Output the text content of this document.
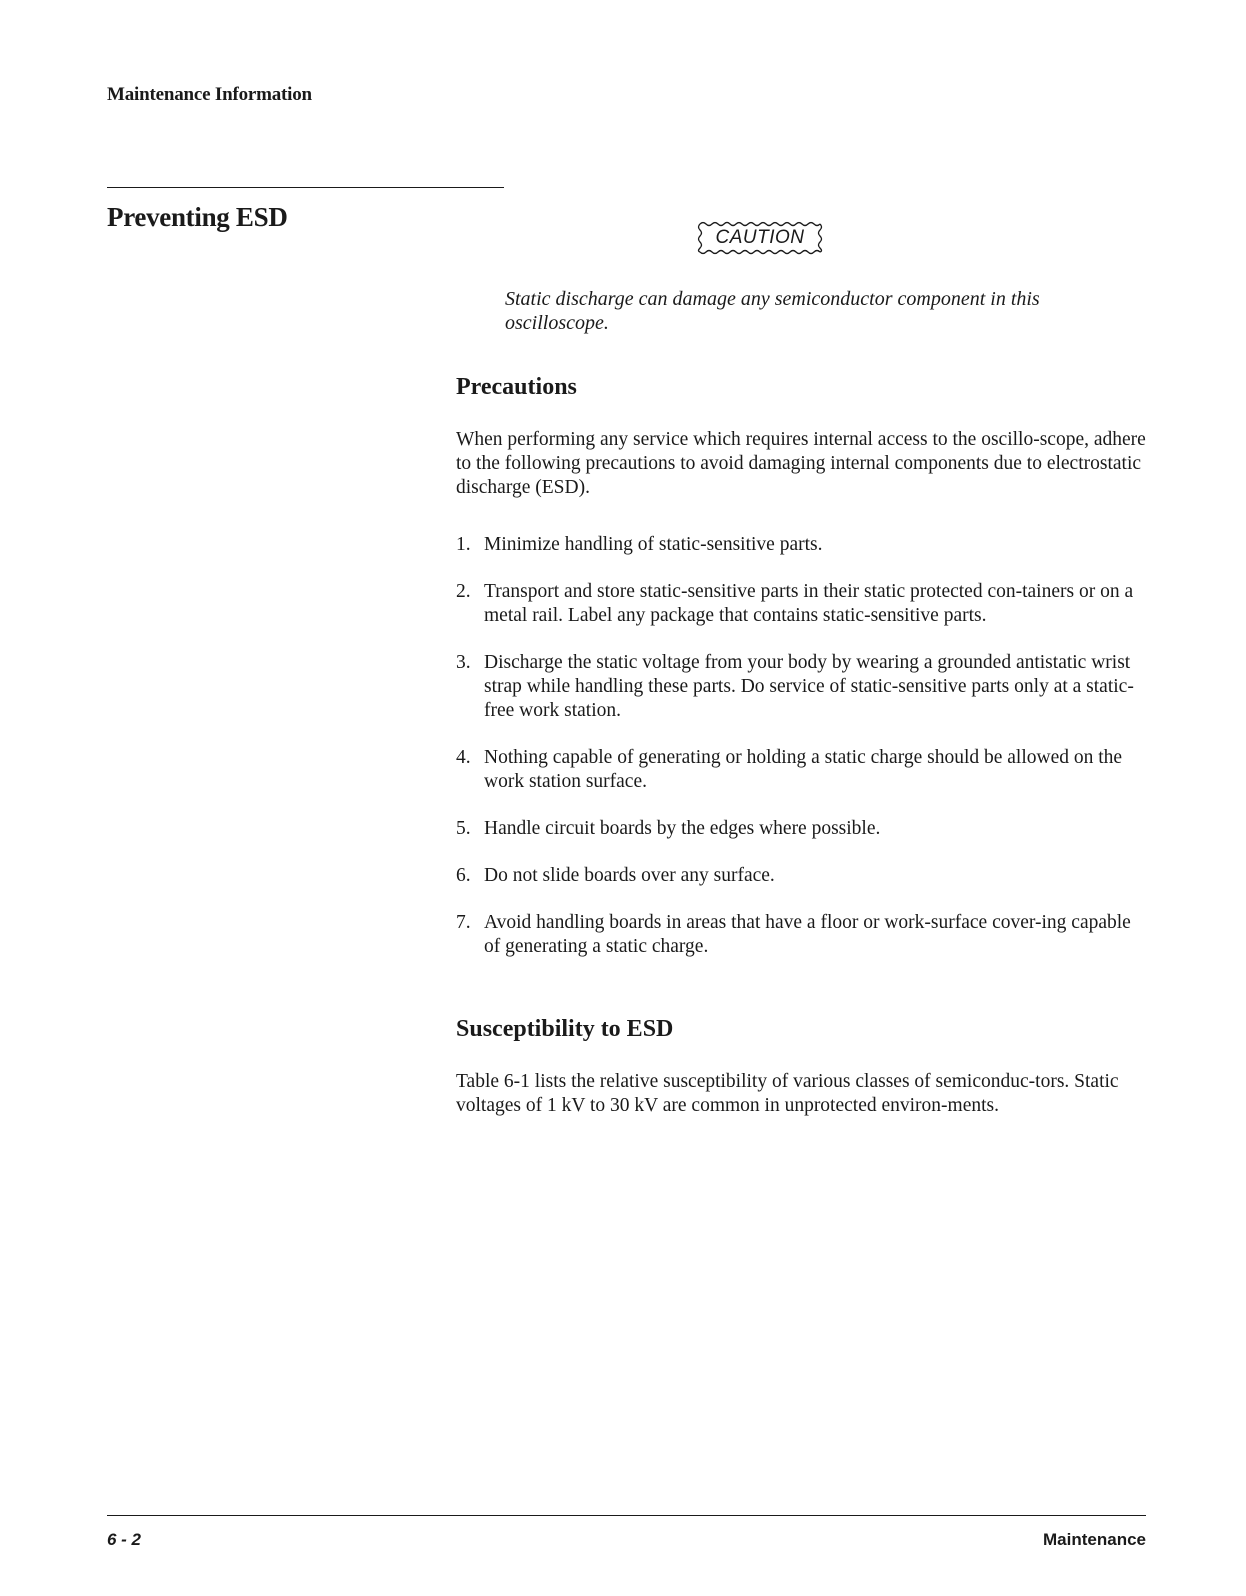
Maintenance Information
Preventing ESD
CAUTION
Static discharge can damage any semiconductor component in this oscilloscope.
Precautions
When performing any service which requires internal access to the oscillo-scope, adhere to the following precautions to avoid damaging internal components due to electrostatic discharge (ESD).
1. Minimize handling of static-sensitive parts.
2. Transport and store static-sensitive parts in their static protected con-tainers or on a metal rail. Label any package that contains static-sensitive parts.
3. Discharge the static voltage from your body by wearing a grounded antistatic wrist strap while handling these parts. Do service of static-sensitive parts only at a static-free work station.
4. Nothing capable of generating or holding a static charge should be allowed on the work station surface.
5. Handle circuit boards by the edges where possible.
6. Do not slide boards over any surface.
7. Avoid handling boards in areas that have a floor or work-surface cover-ing capable of generating a static charge.
Susceptibility to ESD
Table 6-1 lists the relative susceptibility of various classes of semiconduc-tors. Static voltages of 1 kV to 30 kV are common in unprotected environ-ments.
6 - 2	Maintenance
